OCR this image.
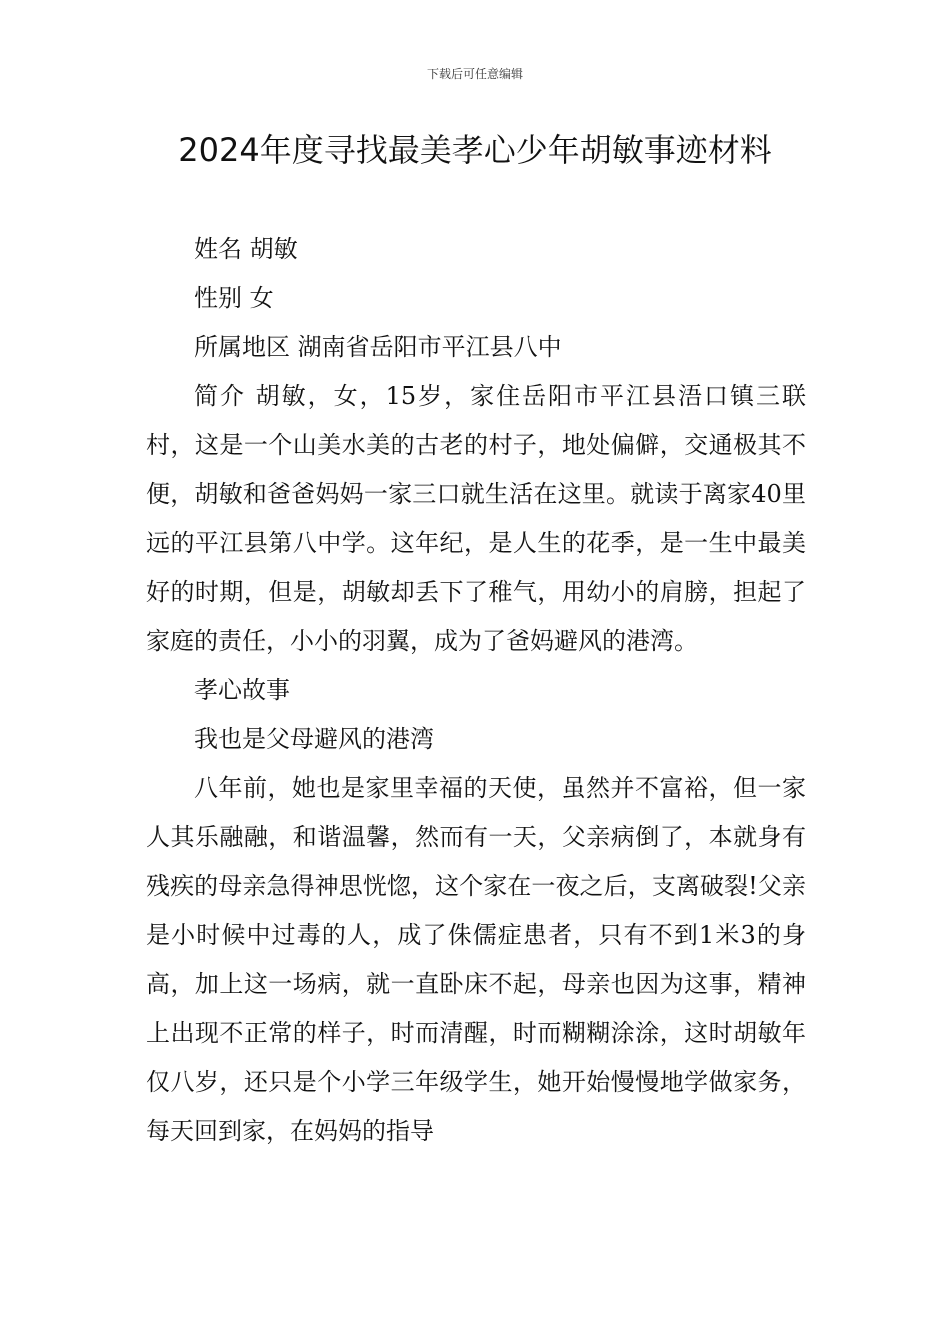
下载后可任意编辑
2024年度寻找最美孝心少年胡敏事迹材料

姓名 胡敏

性别 女

所属地区 湖南省岳阳市平江县八中

简介 胡敏，女，15岁，家住岳阳市平江县浯口镇三联村，这是一个山美水美的古老的村子，地处偏僻，交通极其不便，胡敏和爸爸妈妈一家三口就生活在这里。就读于离家40里远的平江县第八中学。这年纪，是人生的花季，是一生中最美好的时期，但是，胡敏却丢下了稚气，用幼小的肩膀，担起了家庭的责任，小小的羽翼，成为了爸妈避风的港湾。

孝心故事

我也是父母避风的港湾

八年前，她也是家里幸福的天使，虽然并不富裕，但一家人其乐融融，和谐温馨，然而有一天，父亲病倒了，本就身有残疾的母亲急得神思恍惚，这个家在一夜之后，支离破裂!父亲是小时候中过毒的人，成了侏儒症患者，只有不到1米3的身高，加上这一场病，就一直卧床不起，母亲也因为这事，精神上出现不正常的样子，时而清醒，时而糊糊涂涂，这时胡敏年仅八岁，还只是个小学三年级学生，她开始慢慢地学做家务，每天回到家，在妈妈的指导
